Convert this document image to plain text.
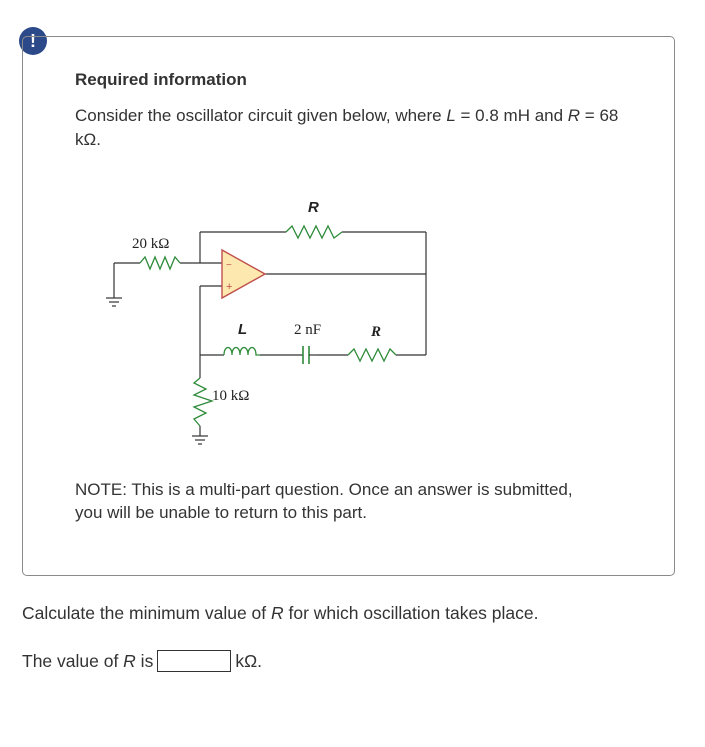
!
Required information
Consider the oscillator circuit given below, where L = 0.8 mH and R = 68 kΩ.
−
+
R
20 kΩ
L	2 nF	R
10 kΩ
NOTE: This is a multi-part question. Once an answer is submitted, you will be unable to return to this part.
Calculate the minimum value of R for which oscillation takes place.
The value of R is	kΩ.
